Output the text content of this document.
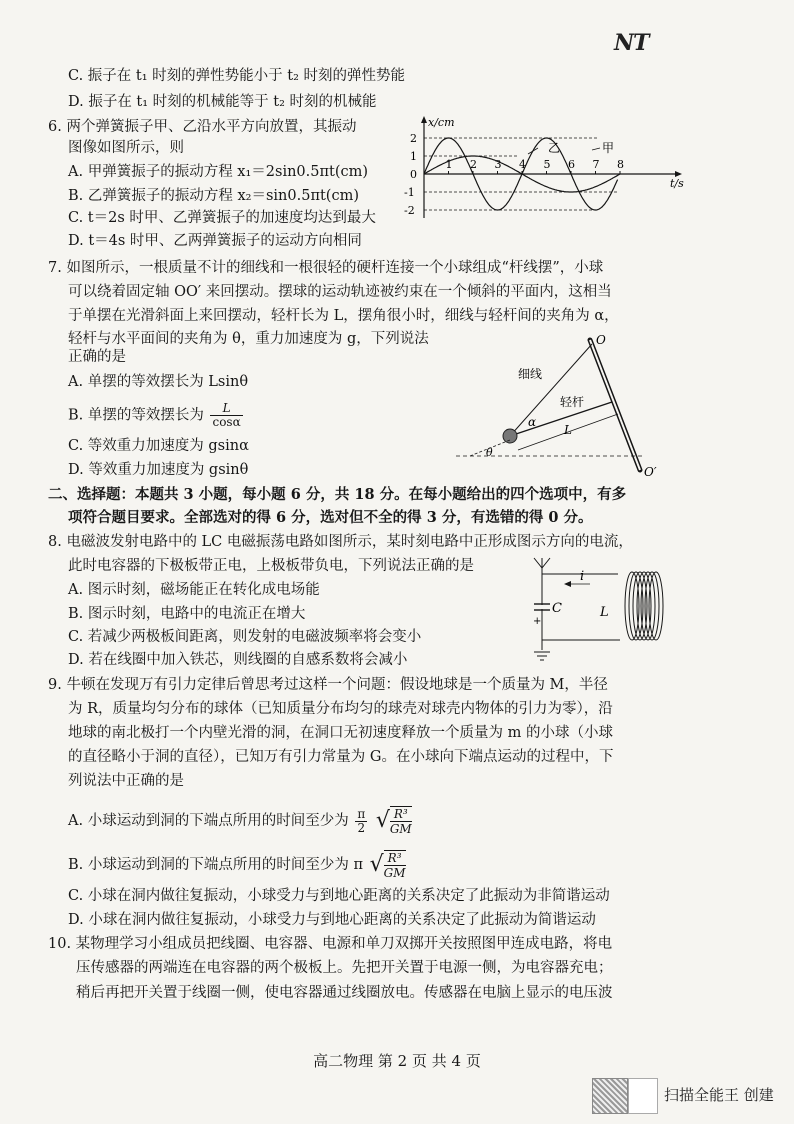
NT
C. 振子在 t₁ 时刻的弹性势能小于 t₂ 时刻的弹性势能
D. 振子在 t₁ 时刻的机械能等于 t₂ 时刻的机械能
6. 两个弹簧振子甲、乙沿水平方向放置，其振动
图像如图所示，则
A. 甲弹簧振子的振动方程 x₁＝2sin0.5πt(cm)
B. 乙弹簧振子的振动方程 x₂＝sin0.5πt(cm)
C. t＝2s 时甲、乙弹簧振子的加速度均达到最大
D. t＝4s 时甲、乙两弹簧振子的运动方向相同
x/cm
t/s
2
1
0
-1
-2
1 2 3 4 5 6 7 8
乙	甲
7. 如图所示，一根质量不计的细线和一根很轻的硬杆连接一个小球组成“杆线摆”，小球
可以绕着固定轴 OO′ 来回摆动。摆球的运动轨迹被约束在一个倾斜的平面内，这相当
于单摆在光滑斜面上来回摆动，轻杆长为 L，摆角很小时，细线与轻杆间的夹角为 α，
轻杆与水平面间的夹角为 θ，重力加速度为 g，下列说法
正确的是
A. 单摆的等效摆长为 Lsinθ
B. 单摆的等效摆长为 $\frac{L}{\cos\alpha}$
C. 等效重力加速度为 gsinα
D. 等效重力加速度为 gsinθ
O
O′
细线
轻杆
L
α
θ
二、选择题：本题共 3 小题，每小题 6 分，共 18 分。在每小题给出的四个选项中，有多
项符合题目要求。全部选对的得 6 分，选对但不全的得 3 分，有选错的得 0 分。
8. 电磁波发射电路中的 LC 电磁振荡电路如图所示，某时刻电路中正形成图示方向的电流，
此时电容器的下极板带正电，上极板带负电，下列说法正确的是
A. 图示时刻，磁场能正在转化成电场能
B. 图示时刻，电路中的电流正在增大
C. 若减少两极板间距离，则发射的电磁波频率将会变小
D. 若在线圈中加入铁芯，则线圈的自感系数将会减小
C
+
i
L
9. 牛顿在发现万有引力定律后曾思考过这样一个问题：假设地球是一个质量为 M，半径
为 R，质量均匀分布的球体（已知质量分布均匀的球壳对球壳内物体的引力为零），沿
地球的南北极打一个内壁光滑的洞，在洞口无初速度释放一个质量为 m 的小球（小球
的直径略小于洞的直径），已知万有引力常量为 G。在小球向下端点运动的过程中，下
列说法中正确的是
A. 小球运动到洞的下端点所用的时间至少为 $\frac{\pi}{2}$ √ $\frac{\text{R³}}{GM}$
B. 小球运动到洞的下端点所用的时间至少为 π √ $\frac{\text{R³}}{GM}$
C. 小球在洞内做往复振动，小球受力与到地心距离的关系决定了此振动为非简谐运动
D. 小球在洞内做往复振动，小球受力与到地心距离的关系决定了此振动为简谐运动
10. 某物理学习小组成员把线圈、电容器、电源和单刀双掷开关按照图甲连成电路，将电
压传感器的两端连在电容器的两个极板上。先把开关置于电源一侧，为电容器充电；
稍后再把开关置于线圈一侧，使电容器通过线圈放电。传感器在电脑上显示的电压波
高二物理 第 2 页 共 4 页
扫描全能王 创建
